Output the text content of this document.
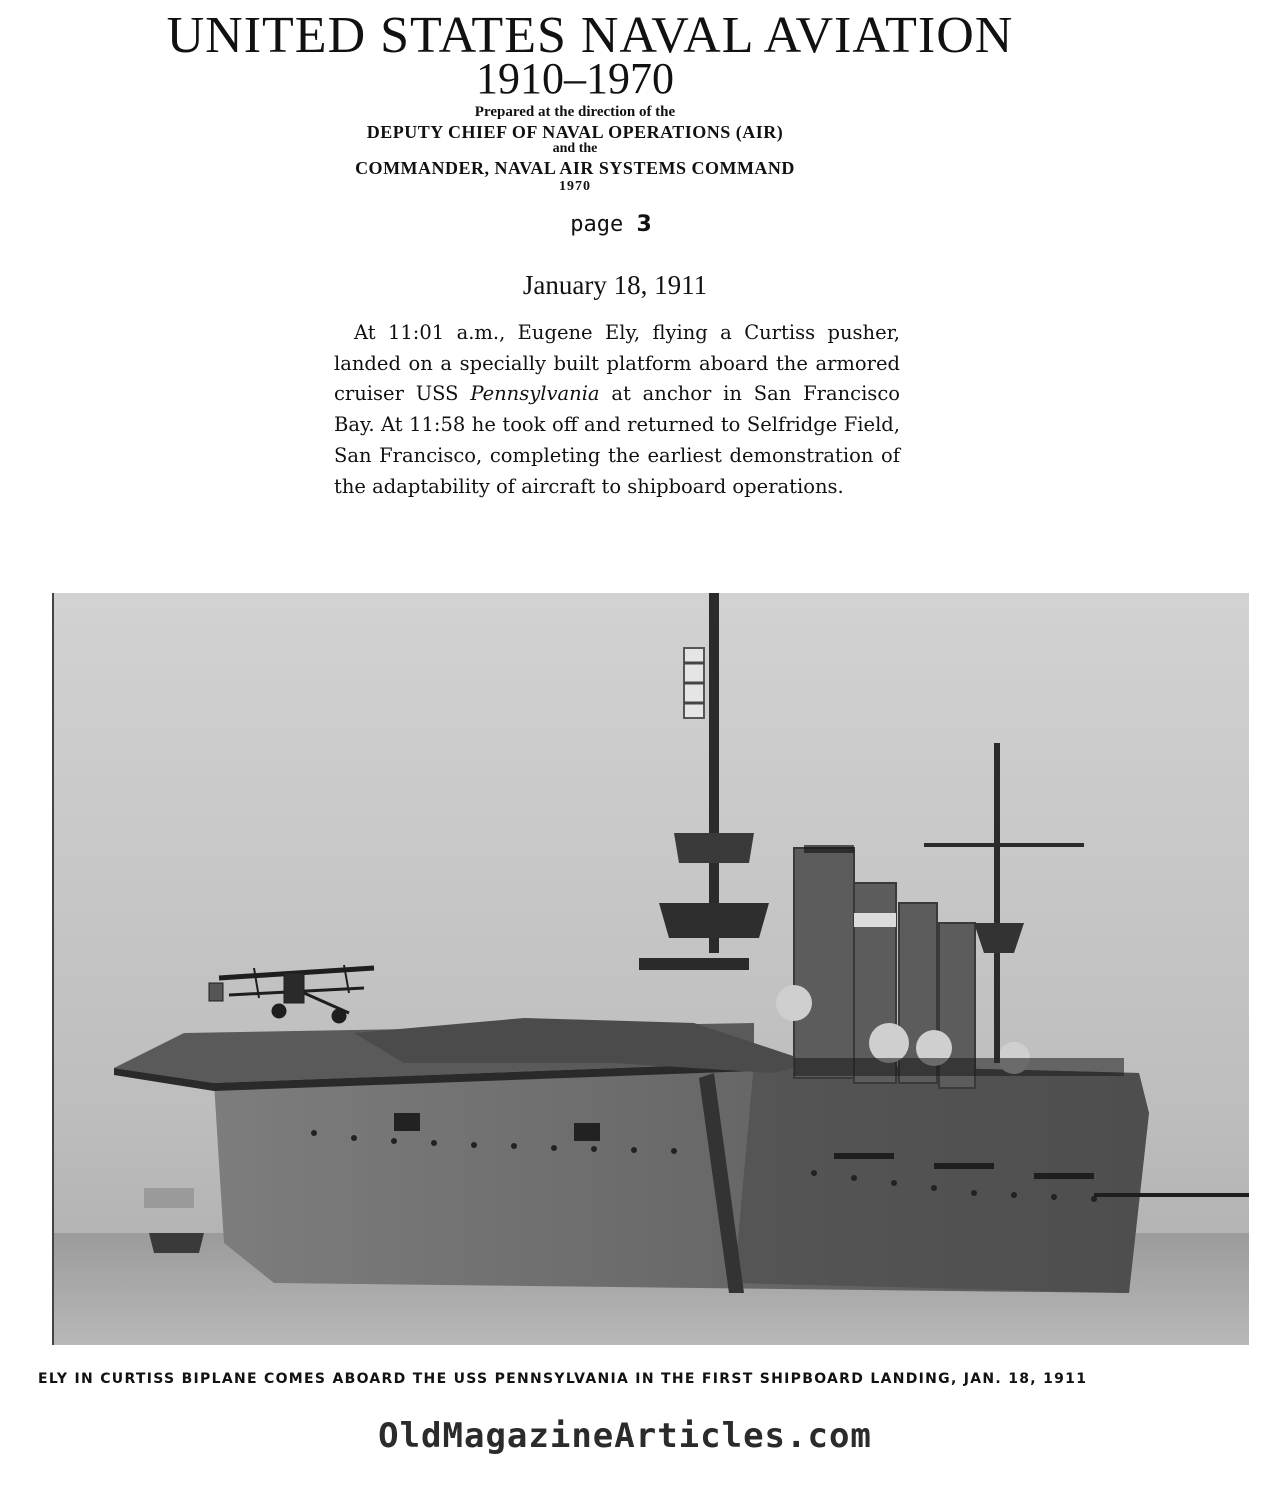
UNITED STATES NAVAL AVIATION
1910–1970
Prepared at the direction of the
DEPUTY CHIEF OF NAVAL OPERATIONS (AIR)
and the
COMMANDER, NAVAL AIR SYSTEMS COMMAND
1970
page 3
January 18, 1911
At 11:01 a.m., Eugene Ely, flying a Curtiss pusher, landed on a specially built platform aboard the armored cruiser USS Pennsylvania at anchor in San Francisco Bay. At 11:58 he took off and returned to Selfridge Field, San Francisco, completing the earliest demonstration of the adaptability of aircraft to shipboard operations.
ELY IN CURTISS BIPLANE COMES ABOARD THE USS PENNSYLVANIA IN THE FIRST SHIPBOARD LANDING, JAN. 18, 1911
OldMagazineArticles.com
